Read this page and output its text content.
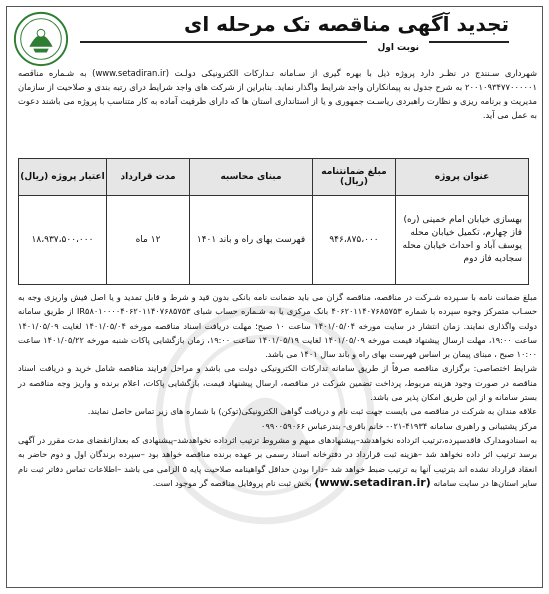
تجدید آگهی مناقصه تک مرحله ای
نوبت اول
شهرداری سـنندج در نظـر دارد پروژه ذیل با بهره گیری از سـامانه تـدارکات الکترونیکی دولـت (www.setadiran.ir) به شـماره مناقصه ۲۰۰۱۰۹۳۴۷۷۰۰۰۰۰۱ به شرح جدول به پیمانکاران واجد شرایط واگذار نماید. بنابراین از شرکت های واجد شرایط درای رتبه بندی و صلاحیت از سازمان مدیریت و برنامه ریزی و نظارت راهبردی ریاسـت جمهوری و یا از استانداری استان ها که دارای ظرفیت آماده به کار متناسب با پروژه می باشند دعوت به عمل می آید.
عنوان پروژه	مبلغ ضمانتنامه (ریال)	مبنای محاسبه	مدت قرارداد	اعتبار پروژه (ریال)
بهسازی خیابان امام خمینی (ره) فاز چهارم، تکمیل خیابان محله یوسف آباد و احداث خیابان محله سجادیه فاز دوم	۹۴۶،۸۷۵،۰۰۰	فهرست بهای راه و باند ۱۴۰۱	۱۲ ماه	۱۸،۹۳۷،۵۰۰،۰۰۰

مبلغ ضمانت نامه با سـپرده شـرکت در مناقصه، مناقصه گران می باید ضمانت نامه بانکی بدون قید و شرط و قابل تمدید و یا اصل فیش واریزی وجه به حسـاب متمرکز وجوه سپرده با شماره ۴۰۶۲۰۱۱۴۰۷۶۸۵۷۵۳ بانک مرکزی یا به شـماره حساب شبای IR۵۸۰۱۰۰۰۰۴۰۶۲۰۱۱۴۰۷۶۸۵۷۵۳ از طریق سامانه دولت واگذاری نمایند. زمان انتشار در سایت مورخه ۱۴۰۱/۰۵/۰۴ ساعت ۱۰ صبح؛ مهلت دریافت اسناد مناقصه مورخه ۱۴۰۱/۰۵/۰۴ لغایت ۱۴۰۱/۰۵/۰۹ ساعت ۱۹:۰۰، مهلت ارسال پیشنهاد قیمت مورخه ۱۴۰۱/۰۵/۰۹ لغایت ۱۴۰۱/۰۵/۱۹ ساعت ۱۹:۰۰، زمان بازگشایی پاکات شنبه مورخه ۱۴۰۱/۰۵/۲۲ ساعت ۱۰:۰۰ صبح ، مبنای پیمان بر اساس فهرست بهای راه و باند سال ۱۴۰۱ می باشد.

شرایط اختصاصی: برگزاری مناقصه صرفاً از طریق سامانه تدارکات الکترونیکی دولت می باشد و مراحل فرایند مناقصه شامل خرید و دریافت اسناد مناقصه در صورت وجود هزینه مربوط، پرداخت تضمین شرکت در مناقصه، ارسال پیشنهاد قیمت، بازگشایی پاکات، اعلام برنده و واریز وجه مناقصه در بستر سامانه و از این طریق امکان پذیر می باشد.

علاقه مندان به شرکت در مناقصه می بایست جهت ثبت نام و دریافت گواهی الکترونیکی(توکن) با شماره های زیر تماس حاصل نمایند.

مرکز پشتیبانی و راهبری سامانه ۴۱۹۳۴-۰۲۱- خانم باقری- بندرعباس ۰۹۹۰۰۵۹۰۶۶

به اسنادومدارک فاقدسپرده،ترتیب اثرداده نخواهدشد–پیشنهادهای مبهم و مشروط ترتیب اثرداده نخواهدشد–پیشنهادی که بعدازانقضای مدت مقرر در آگهی برسد ترتیب اثر داده نخواهد شد –هزینه ثبت قرارداد در دفترخانه اسناد رسمی بر عهده برنده مناقصه خواهد بود –سپرده برندگان اول و دوم حاضر به انعقاد قرارداد نشده اند بترتیب آنها به ترتیب ضبط خواهد شد –دارا بودن حداقل گواهینامه صلاحیت پایه ۵ الزامی می باشد –اطلاعات تماس دفاتر ثبت نام سایر استان‌ها در سایت سامانه (www.setadiran.ir) بخش ثبت نام پروفایل مناقصه گر موجود است.
